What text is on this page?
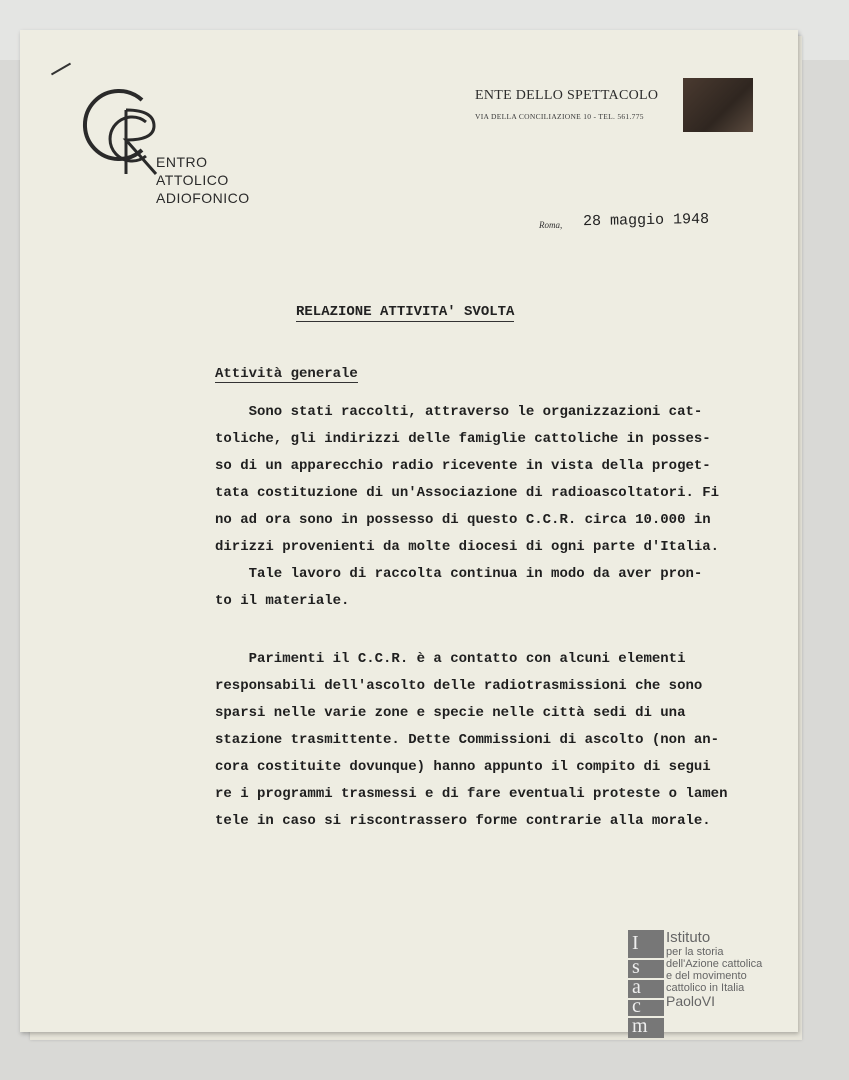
ENTRO
ATTOLICO
ADIOFONICO
ENTE DELLO SPETTACOLO
VIA DELLA CONCILIAZIONE 10 - TEL. 561.775
Roma, 28 maggio 1948
RELAZIONE ATTIVITA' SVOLTA
Attività generale
Sono stati raccolti, attraverso le organizzazioni cat-
toliche, gli indirizzi delle famiglie cattoliche in posses-
so di un apparecchio radio ricevente in vista della proget-
tata costituzione di un'Associazione di radioascoltatori. Fi
no ad ora sono in possesso di questo C.C.R. circa 10.000 in
dirizzi provenienti da molte diocesi di ogni parte d'Italia.
Tale lavoro di raccolta continua in modo da aver pron-
to il materiale.
Parimenti il C.C.R. è a contatto con alcuni elementi
responsabili dell'ascolto delle radiotrasmissioni che sono
sparsi nelle varie zone e specie nelle città sedi di una
stazione trasmittente. Dette Commissioni di ascolto (non an-
cora costituite dovunque) hanno appunto il compito di segui
re i programmi trasmessi e di fare eventuali proteste o lamen
tele in caso si riscontrassero forme contrarie alla morale.
I
s
a
c
m
Istituto
per la storia
dell'Azione cattolica
e del movimento
cattolico in Italia
PaoloVI
